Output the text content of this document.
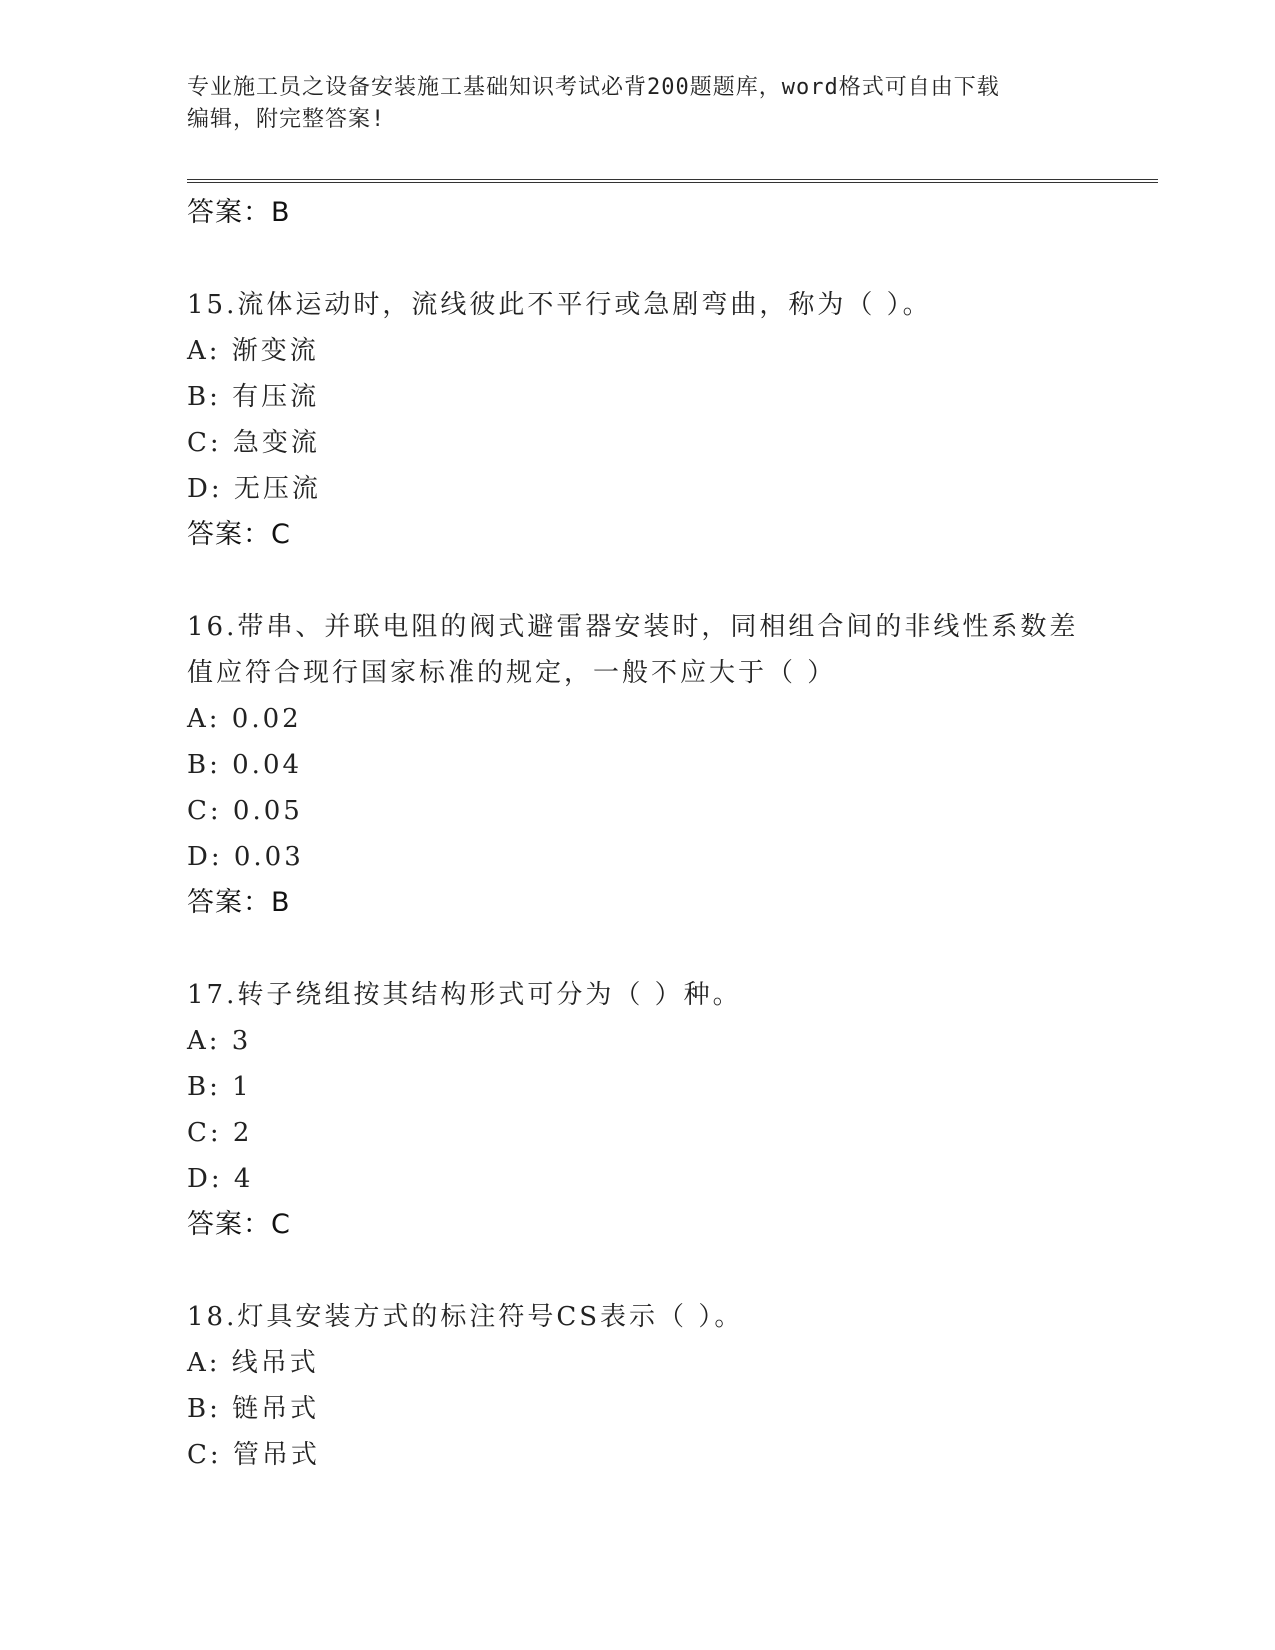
专业施工员之设备安装施工基础知识考试必背200题题库，word格式可自由下载
编辑，附完整答案!
答案：B
15.流体运动时，流线彼此不平行或急剧弯曲，称为（ ）。
A: 渐变流
B: 有压流
C: 急变流
D: 无压流
答案：C
16.带串、并联电阻的阀式避雷器安装时，同相组合间的非线性系数差
值应符合现行国家标准的规定，一般不应大于（ ）
A: 0.02
B: 0.04
C: 0.05
D: 0.03
答案：B
17.转子绕组按其结构形式可分为（ ）种。
A: 3
B: 1
C: 2
D: 4
答案：C
18.灯具安装方式的标注符号CS表示（ ）。
A: 线吊式
B: 链吊式
C: 管吊式
